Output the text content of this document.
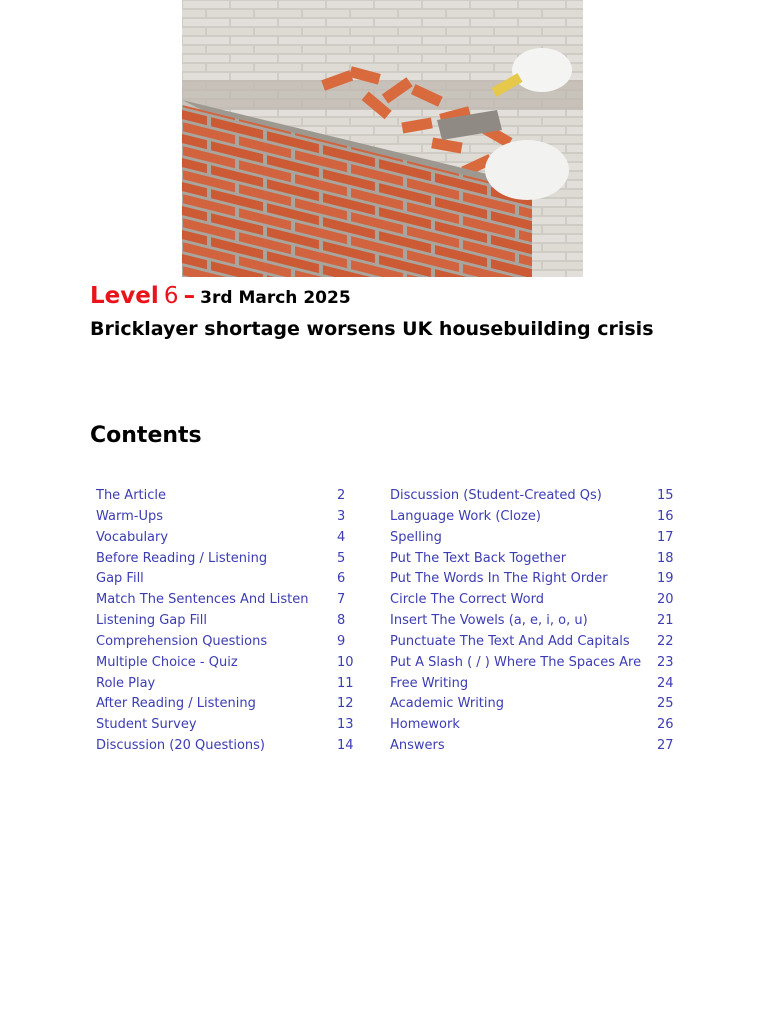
Level 6 – 3rd March 2025
Bricklayer shortage worsens UK housebuilding crisis
Contents
The Article	2
Warm-Ups	3
Vocabulary	4
Before Reading / Listening	5
Gap Fill	6
Match The Sentences And Listen 7
Listening Gap Fill	8
Comprehension Questions	9
Multiple Choice - Quiz	10
Role Play	11
After Reading / Listening	12
Student Survey	13
Discussion (20 Questions)	14
Discussion (Student-Created Qs)	15
Language Work (Cloze)	16
Spelling	17
Put The Text Back Together	18
Put The Words In The Right Order	19
Circle The Correct Word	20
Insert The Vowels (a, e, i, o, u)	21
Punctuate The Text And Add Capitals 22
Put A Slash ( / ) Where The Spaces Are 23
Free Writing	24
Academic Writing	25
Homework	26
Answers	27
